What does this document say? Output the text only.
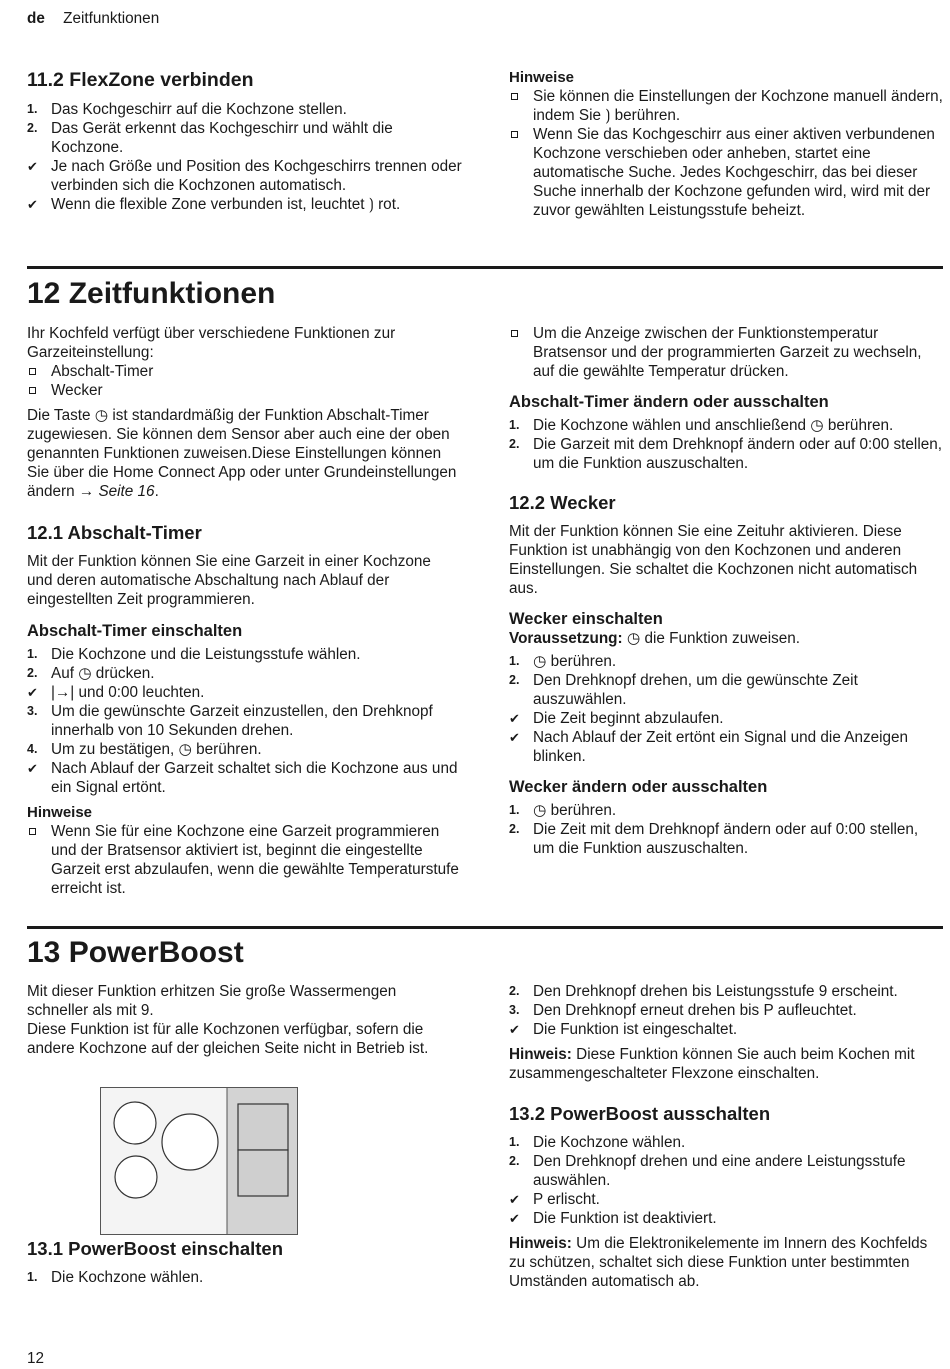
de Zeitfunktionen
11.2 FlexZone verbinden
1. Das Kochgeschirr auf die Kochzone stellen.
2. Das Gerät erkennt das Kochgeschirr und wählt die Kochzone.
✔ Je nach Größe und Position des Kochgeschirrs trennen oder verbinden sich die Kochzonen automatisch.
✔ Wenn die flexible Zone verbunden ist, leuchtet ⟯ rot.
Hinweise
Sie können die Einstellungen der Kochzone manuell ändern, indem Sie ⟯ berühren.
Wenn Sie das Kochgeschirr aus einer aktiven verbundenen Kochzone verschieben oder anheben, startet eine automatische Suche. Jedes Kochgeschirr, das bei dieser Suche innerhalb der Kochzone gefunden wird, wird mit der zuvor gewählten Leistungsstufe beheizt.
12 Zeitfunktionen

Ihr Kochfeld verfügt über verschiedene Funktionen zur Garzeiteinstellung:

Abschalt-Timer
Wecker

Die Taste ◷ ist standardmäßig der Funktion Abschalt-Timer zugewiesen. Sie können dem Sensor aber auch eine der oben genannten Funktionen zuweisen.Diese Einstellungen können Sie über die Home Connect App oder unter Grundeinstellungen ändern → Seite 16.

12.1 Abschalt-Timer

Mit der Funktion können Sie eine Garzeit in einer Kochzone und deren automatische Abschaltung nach Ablauf der eingestellten Zeit programmieren.

Abschalt-Timer einschalten
1. Die Kochzone und die Leistungsstufe wählen.
2. Auf ◷ drücken.
✔ |→| und 0:00 leuchten.
3. Um die gewünschte Garzeit einzustellen, den Drehknopf innerhalb von 10 Sekunden drehen.
4. Um zu bestätigen, ◷ berühren.
✔ Nach Ablauf der Garzeit schaltet sich die Kochzone aus und ein Signal ertönt.
Hinweise
Wenn Sie für eine Kochzone eine Garzeit programmieren und der Bratsensor aktiviert ist, beginnt die eingestellte Garzeit erst abzulaufen, wenn die gewählte Temperaturstufe erreicht ist.
Um die Anzeige zwischen der Funktionstemperatur Bratsensor und der programmierten Garzeit zu wechseln, auf die gewählte Temperatur drücken.
Abschalt-Timer ändern oder ausschalten
1. Die Kochzone wählen und anschließend ◷ berühren.
2. Die Garzeit mit dem Drehknopf ändern oder auf 0:00 stellen, um die Funktion auszuschalten.
12.2 Wecker

Mit der Funktion können Sie eine Zeituhr aktivieren. Diese Funktion ist unabhängig von den Kochzonen und anderen Einstellungen. Sie schaltet die Kochzonen nicht automatisch aus.

Wecker einschalten

Voraussetzung: ◷ die Funktion zuweisen.

1. ◷ berühren.
2. Den Drehknopf drehen, um die gewünschte Zeit auszuwählen.
✔ Die Zeit beginnt abzulaufen.
✔ Nach Ablauf der Zeit ertönt ein Signal und die Anzeigen blinken.
Wecker ändern oder ausschalten
1. ◷ berühren.
2. Die Zeit mit dem Drehknopf ändern oder auf 0:00 stellen, um die Funktion auszuschalten.
13 PowerBoost

Mit dieser Funktion erhitzen Sie große Wassermengen schneller als mit 9.

Diese Funktion ist für alle Kochzonen verfügbar, sofern die andere Kochzone auf der gleichen Seite nicht in Betrieb ist.

13.1 PowerBoost einschalten
1. Die Kochzone wählen.
2. Den Drehknopf drehen bis Leistungsstufe 9 erscheint.
3. Den Drehknopf erneut drehen bis P aufleuchtet.
✔ Die Funktion ist eingeschaltet.

Hinweis: Diese Funktion können Sie auch beim Kochen mit zusammengeschalteter Flexzone einschalten.

13.2 PowerBoost ausschalten
1. Die Kochzone wählen.
2. Den Drehknopf drehen und eine andere Leistungsstufe auswählen.
✔ P erlischt.
✔ Die Funktion ist deaktiviert.

Hinweis: Um die Elektronikelemente im Innern des Kochfelds zu schützen, schaltet sich diese Funktion unter bestimmten Umständen automatisch ab.

12
